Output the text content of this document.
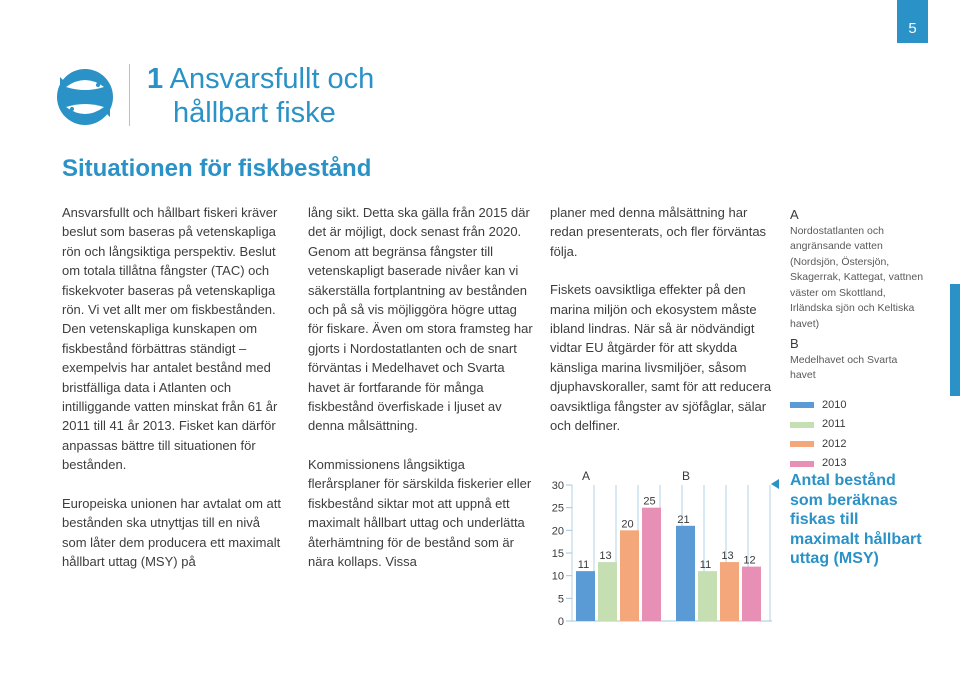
5
1 Ansvarsfullt och
hållbart fiske
Situationen för fiskbestånd

Ansvarsfullt och hållbart fiskeri kräver beslut som baseras på vetenskapliga rön och långsiktiga perspektiv. Beslut om totala tillåtna fångster (TAC) och fiskekvoter baseras på vetenskapliga rön. Vi vet allt mer om fiskbestånden. Den vetenskapliga kunskapen om fiskbestånd förbättras ständigt – exempelvis har antalet bestånd med bristfälliga data i Atlanten och intilliggande vatten minskat från 61 år 2011 till 41 år 2013. Fisket kan därför anpassas bättre till situationen för bestånden.

Europeiska unionen har avtalat om att bestånden ska utnyttjas till en nivå som låter dem producera ett maximalt hållbart uttag (MSY) på

lång sikt. Detta ska gälla från 2015 där det är möjligt, dock senast från 2020. Genom att begränsa fångster till vetenskapligt baserade nivåer kan vi säkerställa fortplantning av bestånden och på så vis möjliggöra högre uttag för fiskare. Även om stora framsteg har gjorts i Nordostatlanten och de snart förväntas i Medelhavet och Svarta havet är fortfarande för många fiskbestånd överfiskade i ljuset av denna målsättning.

Kommissionens långsiktiga flerårsplaner för särskilda fiskerier eller fiskbestånd siktar mot att uppnå ett maximalt hållbart uttag och underlätta återhämtning för de bestånd som är nära kollaps. Vissa

planer med denna målsättning har redan presenterats, och fler förväntas följa.

Fiskets oavsiktliga effekter på den marina miljön och ekosystem måste ibland lindras. När så är nödvändigt vidtar EU åtgärder för att skydda känsliga marina livsmiljöer, såsom djuphavskoraller, samt för att reducera oavsiktliga fångster av sjöfåglar, sälar och delfiner.

A
Nordostatlanten och angränsande vatten (Nordsjön, Östersjön, Skagerrak, Kattegat, vattnen väster om Skottland, Irländska sjön och Keltiska havet)
B
Medelhavet och Svarta havet
2010
2011
2012
2013
Antal bestånd som beräknas fiskas till maximalt hållbart uttag (MSY)
0
5
10
15
20
25
30
A
11
13
20
25
B
21
11
13 12
